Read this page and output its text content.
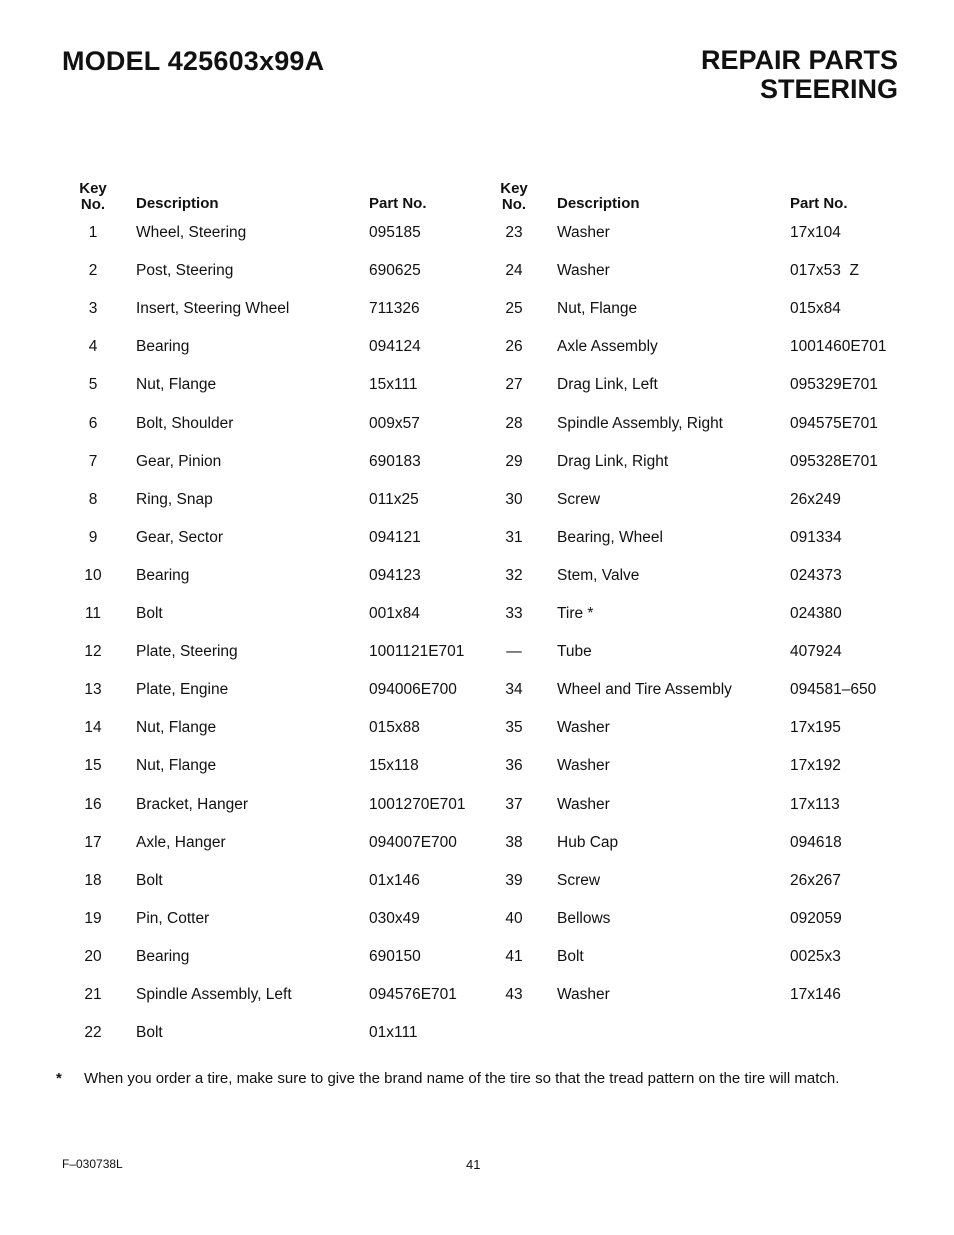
MODEL 425603x99A	REPAIR PARTS
STEERING
Key
No.	Description	Part No.
Key
No.	Description	Part No.
1	Wheel, Steering	095185
2	Post, Steering	690625
3	Insert, Steering Wheel	711326
4	Bearing	094124
5	Nut, Flange	15x111
6	Bolt, Shoulder	009x57
7	Gear, Pinion	690183
8	Ring, Snap	011x25
9	Gear, Sector	094121
10	Bearing	094123
11	Bolt	001x84
12	Plate, Steering	1001121E701
13	Plate, Engine	094006E700
14	Nut, Flange	015x88
15	Nut, Flange	15x118
16	Bracket, Hanger	1001270E701
17	Axle, Hanger	094007E700
18	Bolt	01x146
19	Pin, Cotter	030x49
20	Bearing	690150
21	Spindle Assembly, Left	094576E701
22	Bolt	01x111
23	Washer	17x104
24	Washer	017x53  Z
25	Nut, Flange	015x84
26	Axle Assembly	1001460E701
27	Drag Link, Left	095329E701
28	Spindle Assembly, Right	094575E701
29	Drag Link, Right	095328E701
30	Screw	26x249
31	Bearing, Wheel	091334
32	Stem, Valve	024373
33	Tire *	024380
—	Tube	407924
34	Wheel and Tire Assembly	094581–650
35	Washer	17x195
36	Washer	17x192
37	Washer	17x113
38	Hub Cap	094618
39	Screw	26x267
40	Bellows	092059
41	Bolt	0025x3
43	Washer	17x146
* When you order a tire, make sure to give the brand name of the tire so that the tread pattern on the tire will match.
F–030738L	41
